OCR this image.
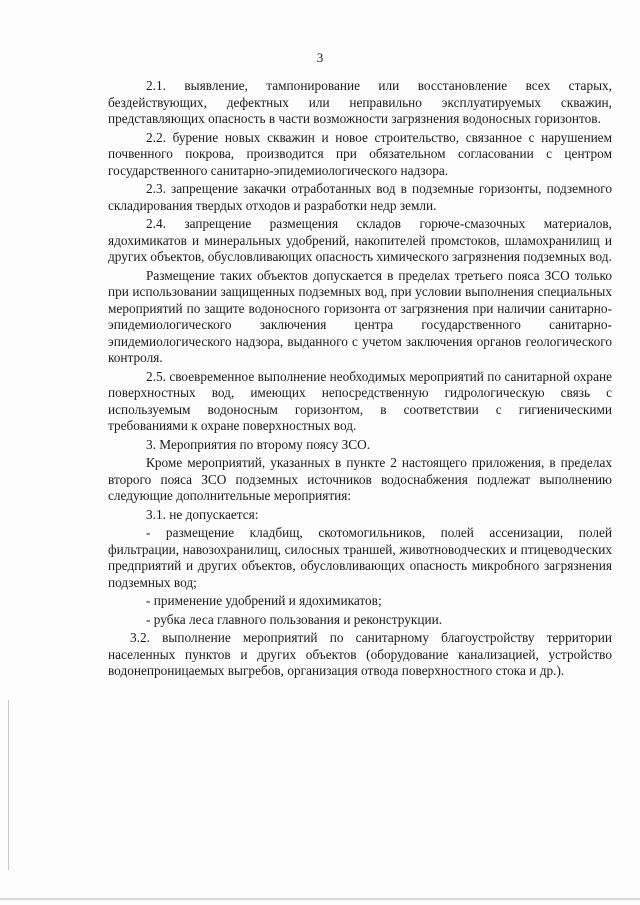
3

2.1. выявление, тампонирование или восстановление всех старых, бездействующих, дефектных или неправильно эксплуатируемых скважин, представляющих опасность в части возможности загрязнения водоносных горизонтов.

2.2. бурение новых скважин и новое строительство, связанное с нарушением почвенного покрова, производится при обязательном согласовании с центром государственного санитарно-эпидемиологического надзора.

2.3. запрещение закачки отработанных вод в подземные горизонты, подземного складирования твердых отходов и разработки недр земли.

2.4. запрещение размещения складов горюче-смазочных материалов, ядохимикатов и минеральных удобрений, накопителей промстоков, шламохранилищ и других объектов, обусловливающих опасность химического загрязнения подземных вод.

Размещение таких объектов допускается в пределах третьего пояса ЗСО только при использовании защищенных подземных вод, при условии выполнения специальных мероприятий по защите водоносного горизонта от загрязнения при наличии санитарно-эпидемиологического заключения центра государственного санитарно-эпидемиологического надзора, выданного с учетом заключения органов геологического контроля.

2.5. своевременное выполнение необходимых мероприятий по санитарной охране поверхностных вод, имеющих непосредственную гидрологическую связь с используемым водоносным горизонтом, в соответствии с гигиеническими требованиями к охране поверхностных вод.

3. Мероприятия по второму поясу ЗСО.

Кроме мероприятий, указанных в пункте 2 настоящего приложения, в пределах второго пояса ЗСО подземных источников водоснабжения подлежат выполнению следующие дополнительные мероприятия:

3.1. не допускается:

- размещение кладбищ, скотомогильников, полей ассенизации, полей фильтрации, навозохранилищ, силосных траншей, животноводческих и птицеводческих предприятий и других объектов, обусловливающих опасность микробного загрязнения подземных вод;

- применение удобрений и ядохимикатов;

- рубка леса главного пользования и реконструкции.

3.2. выполнение мероприятий по санитарному благоустройству территории населенных пунктов и других объектов (оборудование канализацией, устройство водонепроницаемых выгребов, организация отвода поверхностного стока и др.).
